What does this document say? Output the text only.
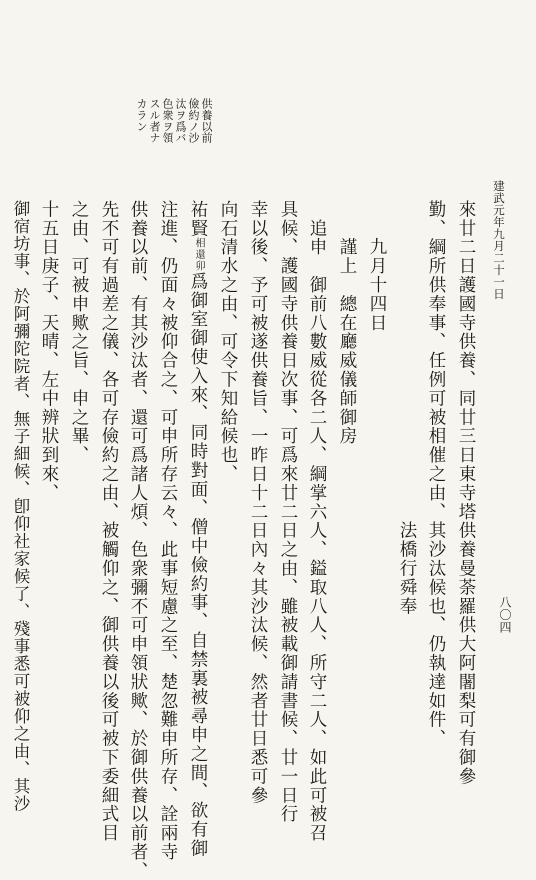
建武元年九月二十一日
八〇四
來廿二日護國寺供養、同廿三日東寺塔供養曼荼羅供大阿闍梨可有御參
勤、綱所供奉事、任例可被相催之由、其沙汰候也、仍執達如件、
　　　　　　　　　　　　　　　　　法橋行舜奉
　　九月十四日
　　謹上　總在廳威儀師御房
　追申　御前八數威從各二人、綱掌六人、鎰取八人、所守二人、如此可被召
具候、護國寺供養日次事、可爲來廿二日之由、雖被載御請書候、廿一日行
幸以後、予可被遂供養旨、一昨日十二日內々其沙汰候、然者廿日悉可參
向石清水之由、可令下知給候也、
祐賢相還卯爲御室御使入來、同時對面、僧中儉約事、自禁裏被尋申之間、欲有御
注進、仍面々被仰合之、可申所存云々、此事短慮之至、楚忽難申所存、詮兩寺
供養以前、有其沙汰者、還可爲諸人煩、色衆彌不可申領狀歟、於御供養以前者、
先不可有過差之儀、各可存儉約之由、被觸仰之、御供養以後可被下委細式目
之由、可被申歟之旨、申之畢、
十五日庚子、天晴、左中辨狀到來、
御宿坊事、於阿彌陀院者、無子細候、卽仰社家候了、殘事悉可被仰之由、其沙
供養以前
儉約ノ沙
汰ヲ爲バ
色衆ヲ領
スル者ナ
カラン
